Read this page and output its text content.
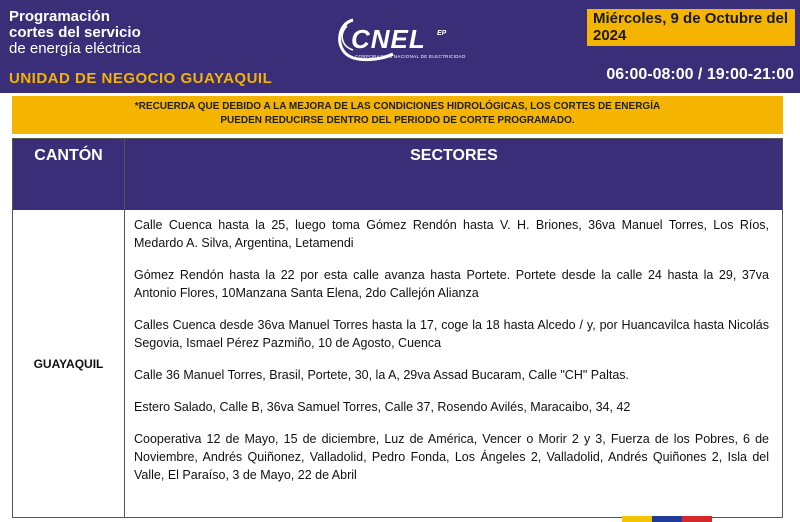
Programación
cortes del servicio
de energía eléctrica
UNIDAD DE NEGOCIO GUAYAQUIL
CNEL EP
CORPORACIÓN NACIONAL DE ELECTRICIDAD
Miércoles, 9 de Octubre del 2024
06:00-08:00 / 19:00-21:00
*RECUERDA QUE DEBIDO A LA MEJORA DE LAS CONDICIONES HIDROLÓGICAS, LOS CORTES DE ENERGÍA
PUEDEN REDUCIRSE DENTRO DEL PERIODO DE CORTE PROGRAMADO.
CANTÓN	SECTORES
GUAYAQUIL

Calle Cuenca hasta la 25, luego toma Gómez Rendón hasta V. H. Briones, 36va Manuel Torres, Los Ríos, Medardo A. Silva, Argentina, Letamendi

Gómez Rendón hasta la 22 por esta calle avanza hasta Portete. Portete desde la calle 24 hasta la 29, 37va Antonio Flores, 10Manzana Santa Elena, 2do Callejón Alianza

Calles Cuenca desde 36va Manuel Torres hasta la 17, coge la 18 hasta Alcedo / y, por Huancavilca hasta Nicolás Segovia, Ismael Pérez Pazmiño, 10 de Agosto, Cuenca

Calle 36 Manuel Torres, Brasil, Portete, 30, la A, 29va Assad Bucaram, Calle "CH" Paltas.

Estero Salado, Calle B, 36va Samuel Torres, Calle 37, Rosendo Avilés, Maracaibo, 34, 42

Cooperativa 12 de Mayo, 15 de diciembre, Luz de América, Vencer o Morir 2 y 3, Fuerza de los Pobres, 6 de Noviembre, Andrés Quiñonez, Valladolid, Pedro Fonda, Los Ángeles 2, Valladolid, Andrés Quiñones 2, Isla del Valle, El Paraíso, 3 de Mayo, 22 de Abril
